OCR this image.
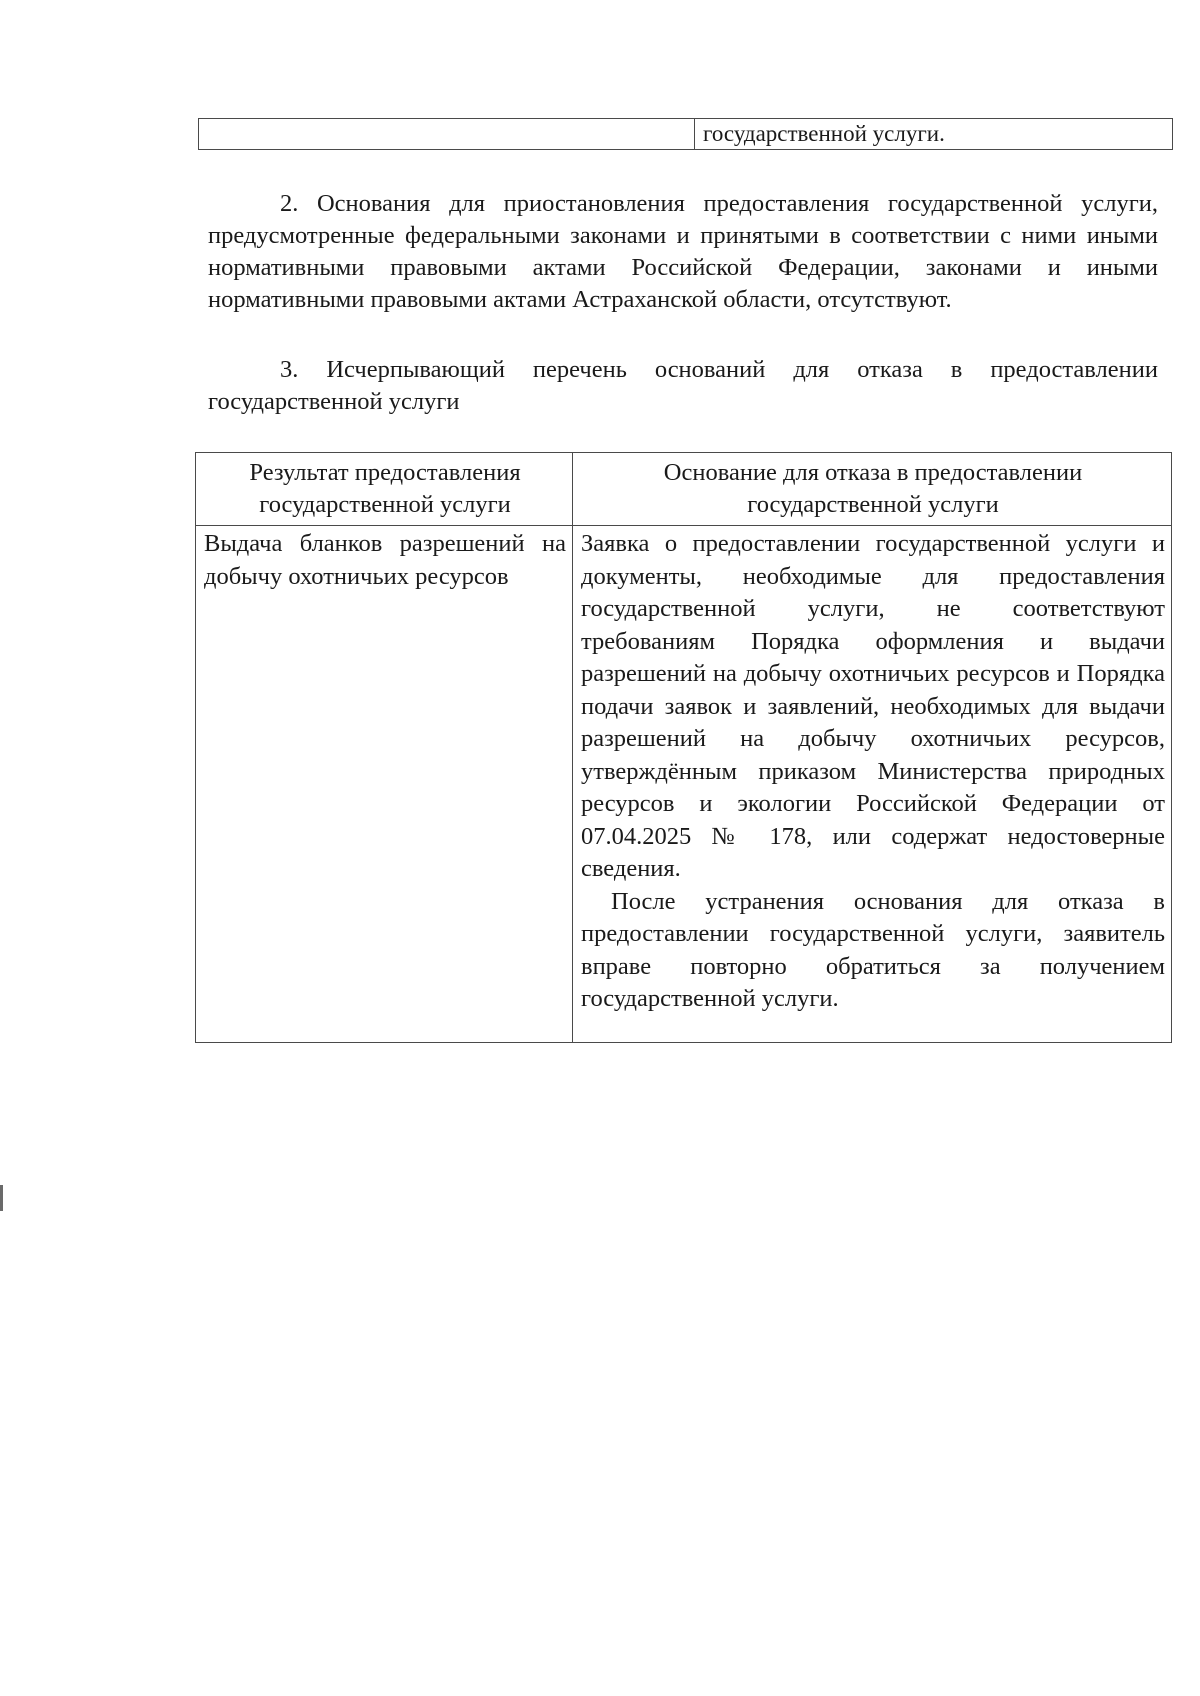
	государственной услуги.

2. Основания для приостановления предоставления государственной услуги, предусмотренные федеральными законами и принятыми в соответствии с ними иными нормативными правовыми актами Российской Федерации, законами и иными нормативными правовыми актами Астраханской области, отсутствуют.

3. Исчерпывающий перечень оснований для отказа в предоставлении государственной услуги

Результат предоставления государственной услуги	Основание для отказа в предоставлении государственной услуги
Выдача бланков разрешений на добычу охотничьих ресурсов	Заявка о предоставлении государственной услуги и документы, необходимые для предоставления государственной услуги, не соответствуют требованиям Порядка оформления и выдачи разрешений на добычу охотничьих ресурсов и Порядка подачи заявок и заявлений, необходимых для выдачи разрешений на добычу охотничьих ресурсов, утверждённым приказом Министерства природных ресурсов и экологии Российской Федерации от 07.04.2025 № 178, или содержат недостоверные сведения.

После устранения основания для отказа в предоставлении государственной услуги, заявитель вправе повторно обратиться за получением государственной услуги.
